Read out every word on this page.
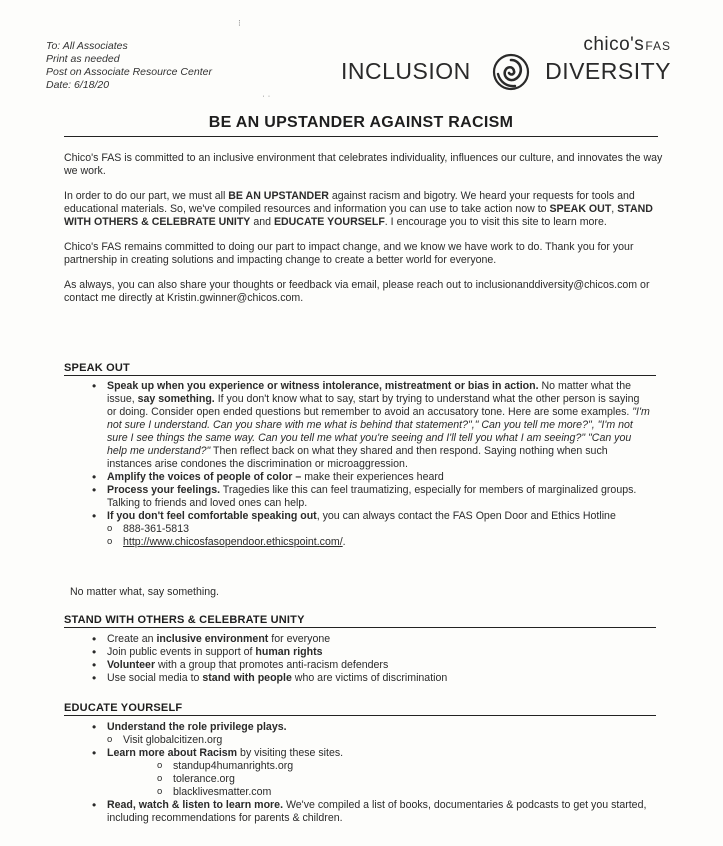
⁝
ˈ ˈ
To: All Associates
Print as needed
Post on Associate Resource Center
Date: 6/18/20
chico'sFAS
INCLUSION	DIVERSITY
BE AN UPSTANDER AGAINST RACISM

Chico's FAS is committed to an inclusive environment that celebrates individuality, influences our culture, and innovates the way we work.

In order to do our part, we must all BE AN UPSTANDER against racism and bigotry. We heard your requests for tools and educational materials. So, we've compiled resources and information you can use to take action now to SPEAK OUT, STAND WITH OTHERS & CELEBRATE UNITY and EDUCATE YOURSELF. I encourage you to visit this site to learn more.

Chico's FAS remains committed to doing our part to impact change, and we know we have work to do. Thank you for your partnership in creating solutions and impacting change to create a better world for everyone.

As always, you can also share your thoughts or feedback via email, please reach out to inclusionanddiversity@chicos.com or contact me directly at Kristin.gwinner@chicos.com.

SPEAK OUT
• Speak up when you experience or witness intolerance, mistreatment or bias in action. No matter what the issue, say something. If you don't know what to say, start by trying to understand what the other person is saying or doing. Consider open ended questions but remember to avoid an accusatory tone. Here are some examples. "I'm not sure I understand. Can you share with me what is behind that statement?"," Can you tell me more?", "I'm not sure I see things the same way. Can you tell me what you're seeing and I'll tell you what I am seeing?" "Can you help me understand?" Then reflect back on what they shared and then respond. Saying nothing when such instances arise condones the discrimination or microaggression.
• Amplify the voices of people of color – make their experiences heard
• Process your feelings. Tragedies like this can feel traumatizing, especially for members of marginalized groups. Talking to friends and loved ones can help.
• If you don't feel comfortable speaking out, you can always contact the FAS Open Door and Ethics Hotline
o 888-361-5813
o http://www.chicosfasopendoor.ethicspoint.com/.
No matter what, say something.
STAND WITH OTHERS & CELEBRATE UNITY
• Create an inclusive environment for everyone
• Join public events in support of human rights
• Volunteer with a group that promotes anti-racism defenders
• Use social media to stand with people who are victims of discrimination
EDUCATE YOURSELF
• Understand the role privilege plays.
o Visit globalcitizen.org
• Learn more about Racism by visiting these sites.
o standup4humanrights.org
o tolerance.org
o blacklivesmatter.com
• Read, watch & listen to learn more. We've compiled a list of books, documentaries & podcasts to get you started, including recommendations for parents & children.
